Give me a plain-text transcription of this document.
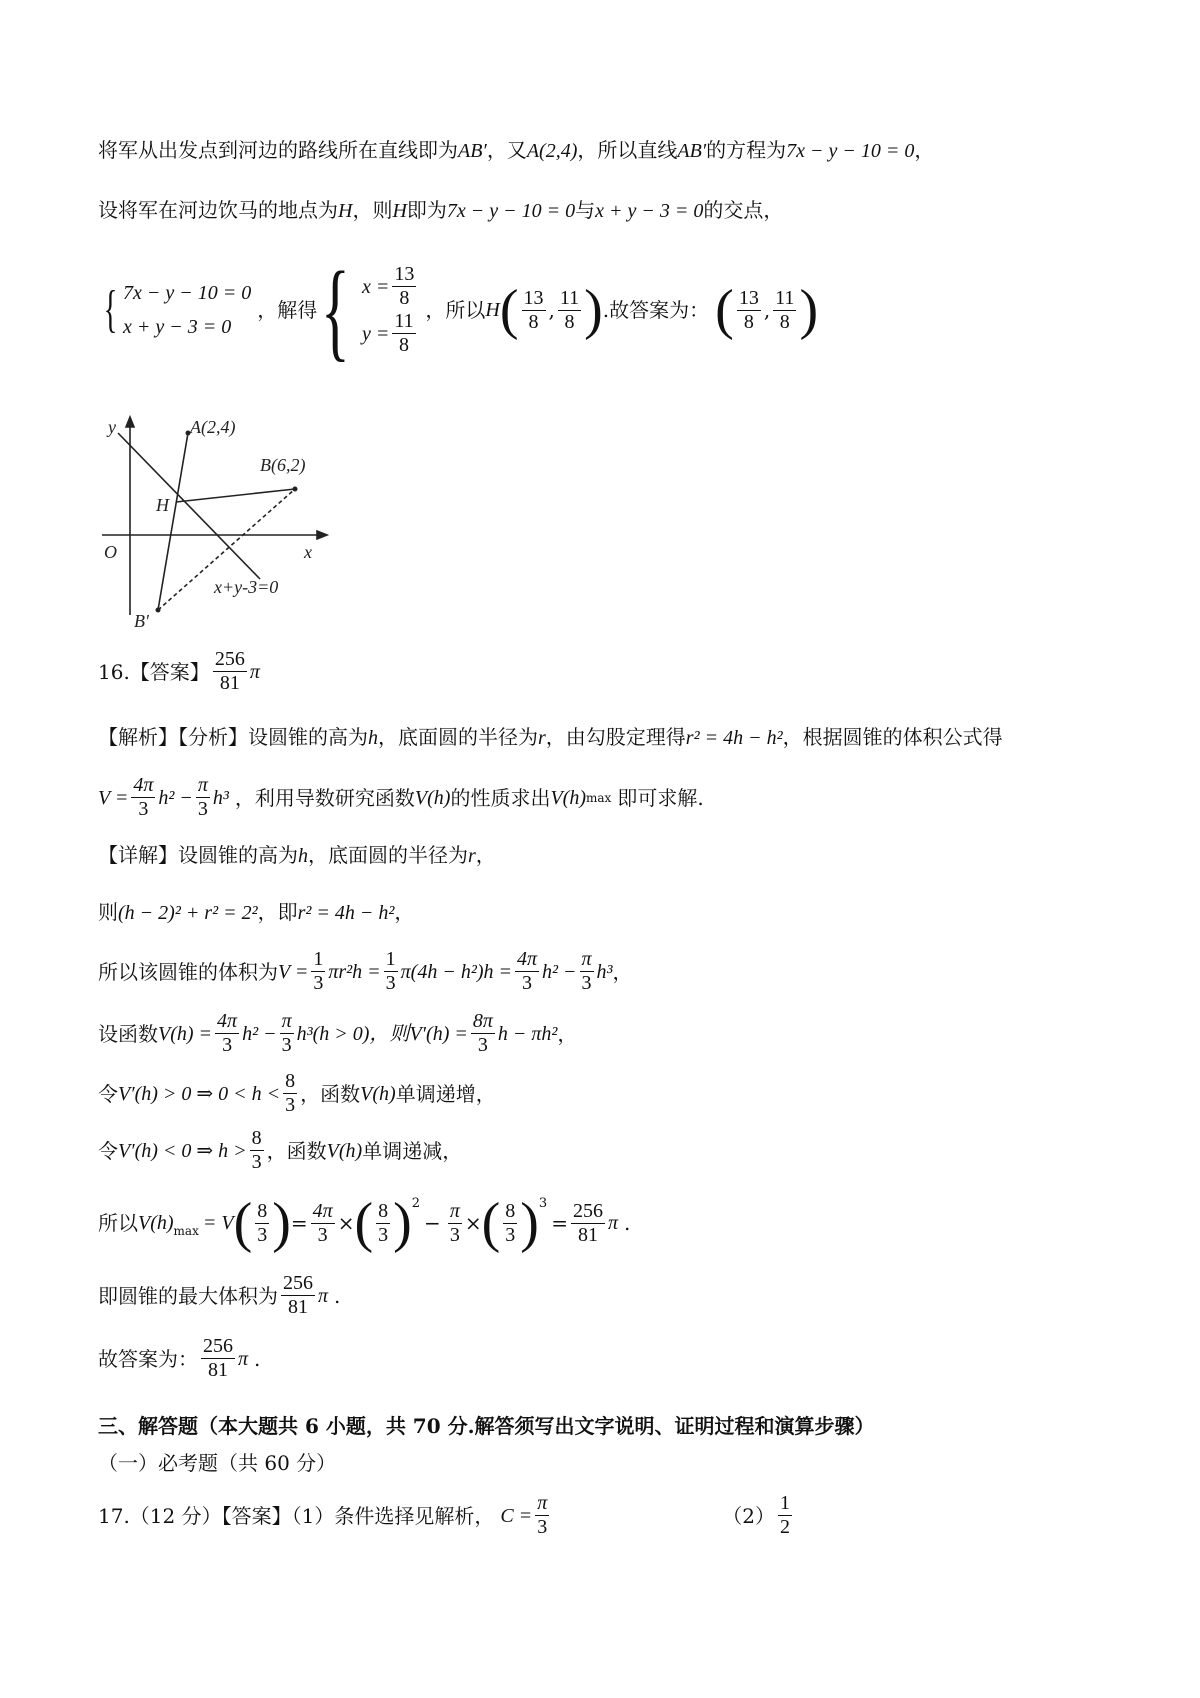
将军从出发点到河边的路线所在直线即为AB′，又A(2,4)，所以直线AB′的方程为7x − y − 10 = 0，
设将军在河边饮马的地点为H，则H即为7x − y − 10 = 0与x + y − 3 = 0的交点，
{ 7x − y − 10 = 0
x + y − 3 = 0
，解得 { $x = \frac{13}{8}$
$y = \frac{11}{8}$ ，所以 H ( $\frac{13}{8}$ , $\frac{11}{8}$ ) .故答案为： ( $\frac{13}{8}$ , $\frac{11}{8}$ )
y
x
O
A(2,4)
B(6,2)
H
B′
x+y-3=0
16.【答案】 $\frac{256}{81}$ π
【解析】【分析】设圆锥的高为h，底面圆的半径为r，由勾股定理得r² = 4h − h²，根据圆锥的体积公式得
$V = \frac{4\pi}{3} h^2 - \frac{\pi}{3} h^3$ ，利用导数研究函数 V(h) 的性质求出 V(h) max 即可求解.
【详解】设圆锥的高为h，底面圆的半径为r，
则(h − 2)² + r² = 2²，即r² = 4h − h²，
所以该圆锥的体积为 $V = \frac{1}{3} \pi r^2h = \frac{1}{3} \pi(4h - h^2)h = \frac{4\pi}{3} h^2 - \frac{\pi}{3} h^3$ ，
设函数 $V(h) = \frac{4\pi}{3} h^2 - \frac{\pi}{3} h^3$ (h > 0)，则 $V'(h) = \frac{8\pi}{3}$ h − πh² ，
令 V′(h) > 0 ⇒ $0 < h < \frac{8}{3}$ ，函数 V(h) 单调递增，
令 V′(h) < 0 ⇒ $h > \frac{8}{3}$ ，函数 V(h) 单调递减，
所以 $V(h)_{max} = V$ ( $\frac{8}{3}$ ) = $\frac{4\pi}{3}$ × ( $\frac{8}{3} )^2$
− $\frac{\pi}{3}$ × ( $\frac{8}{3} )^3$
= $\frac{256}{81}$ π .
即圆锥的最大体积为 $\frac{256}{81}$ π .
故答案为： $\frac{256}{81}$ π .
三、解答题（本大题共 6 小题，共 70 分.解答须写出文字说明、证明过程和演算步骤）
（一）必考题（共 60 分）
17.（12 分）【答案】（1）条件选择见解析， $C = \frac{\pi}{3}$	$(2) \frac{1}{2}$
